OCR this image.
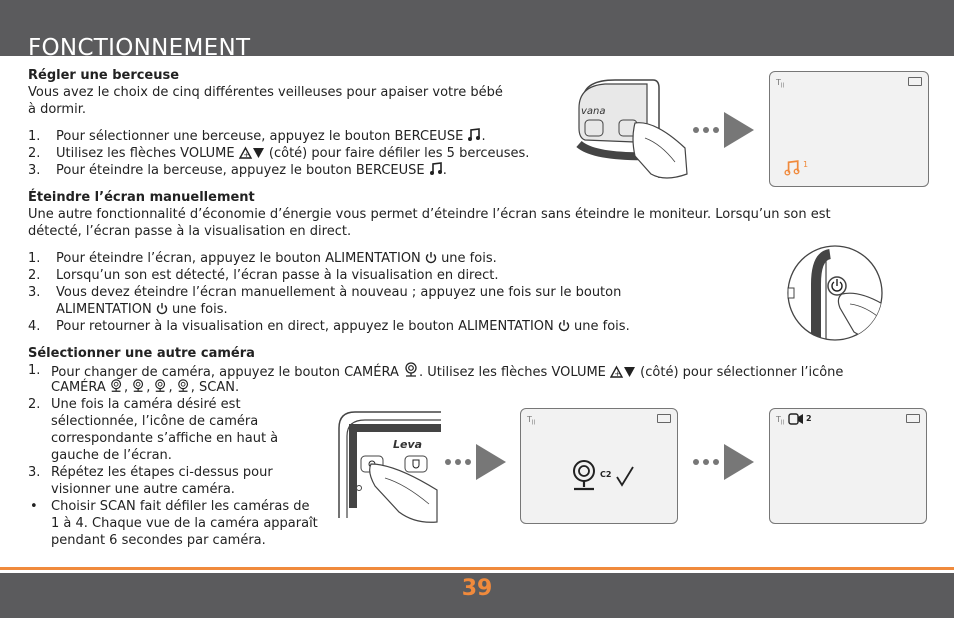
FONCTIONNEMENT
Régler une berceuse
Vous avez le choix de cinq différentes veilleuses pour apaiser votre bébé
à dormir.
1. Pour sélectionner une berceuse, appuyez le bouton BERCEUSE .
2. Utilisez les flèches VOLUME + (côté) pour faire défiler les 5 berceuses.
3. Pour éteindre la berceuse, appuyez le bouton BERCEUSE .
vana
$T_{ll}$
1
Éteindre l’écran manuellement
Une autre fonctionnalité d’économie d’énergie vous permet d’éteindre l’écran sans éteindre le moniteur. Lorsqu’un son est
détecté, l’écran passe à la visualisation en direct.
1. Pour éteindre l’écran, appuyez le bouton ALIMENTATION une fois.
2. Lorsqu’un son est détecté, l’écran passe à la visualisation en direct.
3. Vous devez éteindre l’écran manuellement à nouveau ; appuyez une fois sur le bouton
ALIMENTATION une fois.
4. Pour retourner à la visualisation en direct, appuyez le bouton ALIMENTATION une fois.
Sélectionner une autre caméra
1. Pour changer de caméra, appuyez le bouton CAMÉRA . Utilisez les flèches VOLUME + (côté) pour sélectionner l’icône
CAMÉRA , , , , SCAN.
2. Une fois la caméra désiré est
sélectionnée, l’icône de caméra
correspondante s’affiche en haut à
gauche de l’écran.
3. Répétez les étapes ci-dessus pour
visionner une autre caméra.
• Choisir SCAN fait défiler les caméras de
1 à 4. Chaque vue de la caméra apparaît
pendant 6 secondes par caméra.
Leva
$T_{ll}$
C2
$T_{ll}$
2
39
